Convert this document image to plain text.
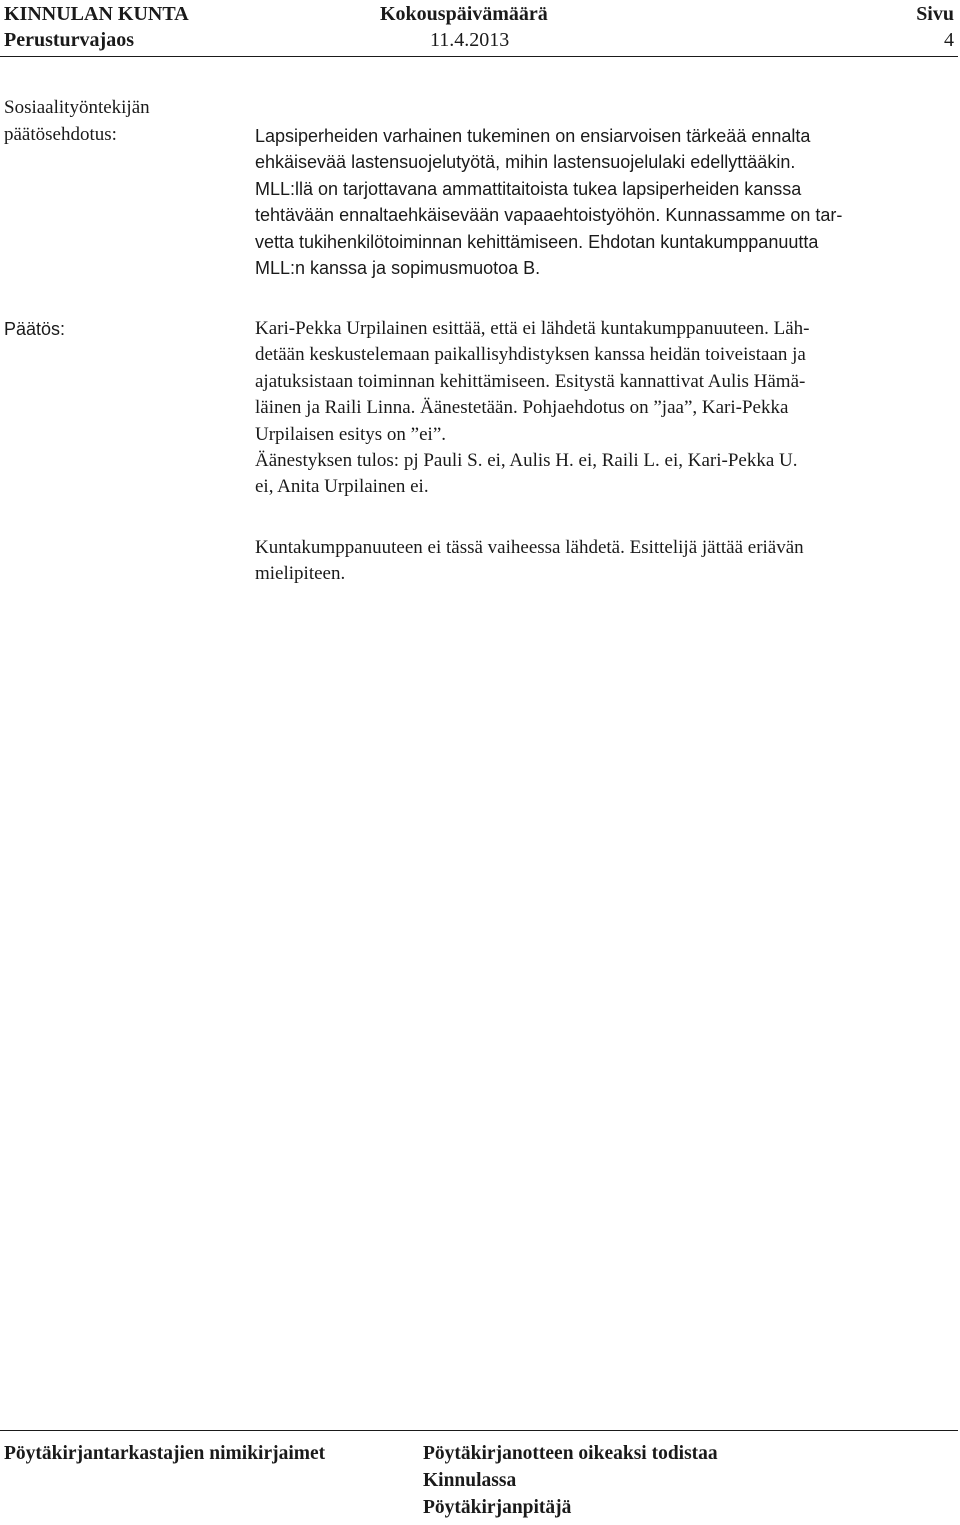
KINNULAN KUNTA
Perusturvajaos
Kokouspäivämäärä
11.4.2013
Sivu
4
Sosiaalityöntekijän
päätösehdotus:	Lapsiperheiden varhainen tukeminen on ensiarvoisen tärkeää ennalta
ehkäisevää lastensuojelutyötä, mihin lastensuojelulaki edellyttääkin.
MLL:llä on tarjottavana ammattitaitoista tukea lapsiperheiden kanssa
tehtävään ennaltaehkäisevään vapaaehtoistyöhön. Kunnassamme on tar-
vetta tukihenkilötoiminnan kehittämiseen. Ehdotan kuntakumppanuutta
MLL:n kanssa ja sopimusmuotoa B.
Päätös:	Kari-Pekka Urpilainen esittää, että ei lähdetä kuntakumppanuuteen. Läh-
detään keskustelemaan paikallisyhdistyksen kanssa heidän toiveistaan ja
ajatuksistaan toiminnan kehittämiseen. Esitystä kannattivat Aulis Hämä-
läinen ja Raili Linna. Äänestetään. Pohjaehdotus on ”jaa”, Kari-Pekka
Urpilaisen esitys on ”ei”.
Äänestyksen tulos: pj Pauli S. ei, Aulis H. ei, Raili L. ei, Kari-Pekka U.
ei, Anita Urpilainen ei.
Kuntakumppanuuteen ei tässä vaiheessa lähdetä. Esittelijä jättää eriävän
mielipiteen.
Pöytäkirjantarkastajien nimikirjaimet	Pöytäkirjanotteen oikeaksi todistaa
Kinnulassa
Pöytäkirjanpitäjä
